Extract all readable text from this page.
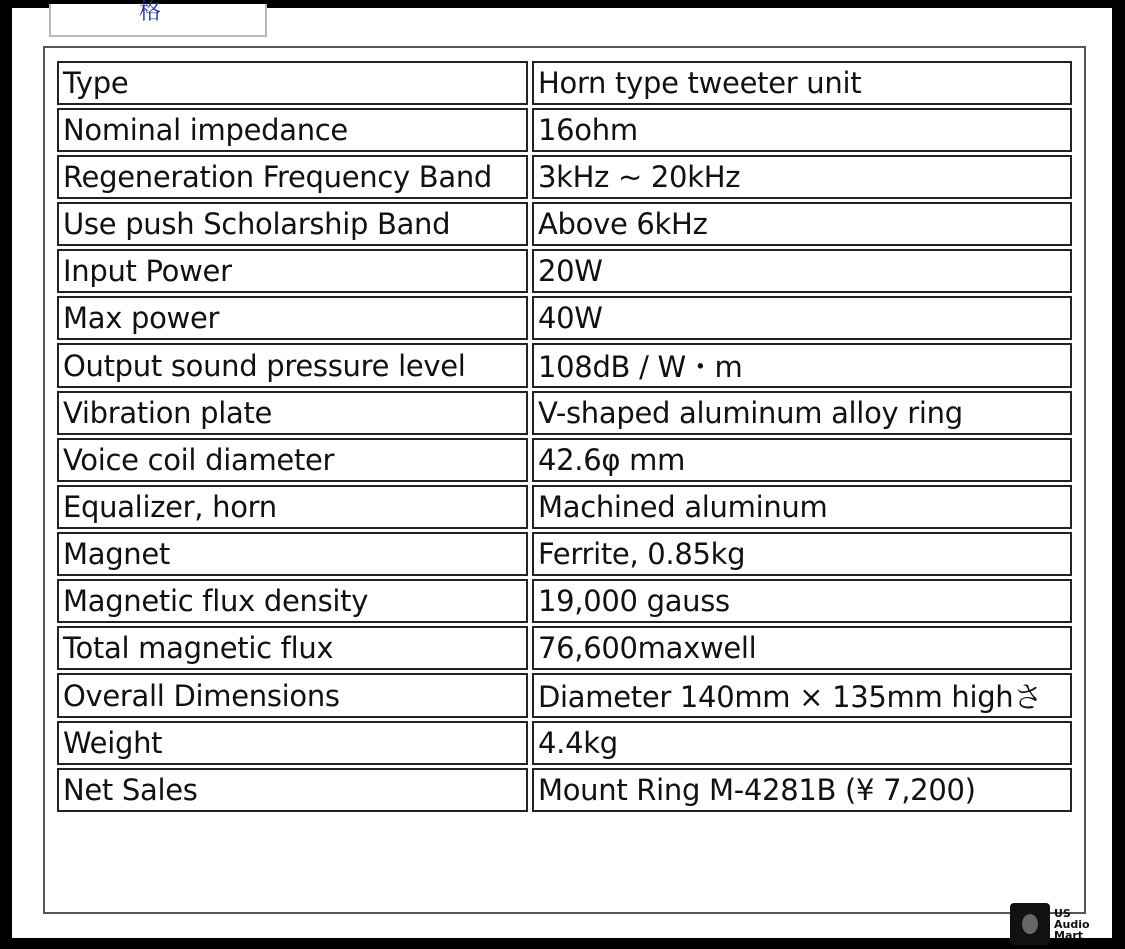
格
Type	Horn type tweeter unit
Nominal impedance	16ohm
Regeneration Frequency Band	3kHz ~ 20kHz
Use push Scholarship Band	Above 6kHz
Input Power	20W
Max power	40W
Output sound pressure level	108dB / W・m
Vibration plate	V-shaped aluminum alloy ring
Voice coil diameter	42.6φ mm
Equalizer, horn	Machined aluminum
Magnet	Ferrite, 0.85kg
Magnetic flux density	19,000 gauss
Total magnetic flux	76,600maxwell
Overall Dimensions	Diameter 140mm × 135mm highさ
Weight	4.4kg
Net Sales	Mount Ring M-4281B (¥ 7,200)
US
Audio
Mart
